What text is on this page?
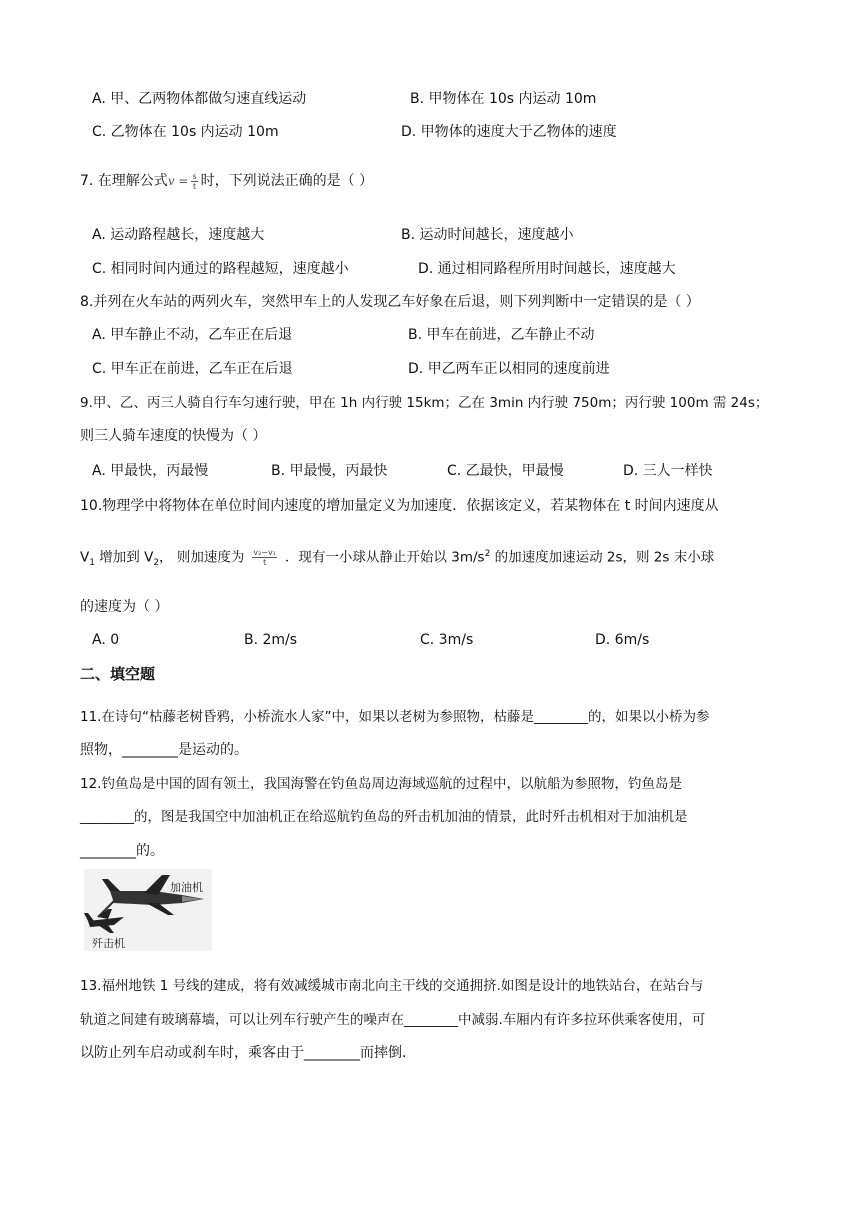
A. 甲、乙两物体都做匀速直线运动	B. 甲物体在 10s 内运动 10m
C. 乙物体在 10s 内运动 10m	D. 甲物体的速度大于乙物体的速度
7. 在理解公式$v = \frac{s}{t}$ 时，下列说法正确的是（ ）
A. 运动路程越长，速度越大	B. 运动时间越长，速度越小
C. 相同时间内通过的路程越短，速度越小	D. 通过相同路程所用时间越长，速度越大
8.并列在火车站的两列火车，突然甲车上的人发现乙车好象在后退，则下列判断中一定错误的是（ ）
A. 甲车静止不动，乙车正在后退	B. 甲车在前进，乙车静止不动
C. 甲车正在前进，乙车正在后退	D. 甲乙两车正以相同的速度前进
9.甲、乙、丙三人骑自行车匀速行驶，甲在 1h 内行驶 15km；乙在 3min 内行驶 750m；丙行驶 100m 需 24s；
则三人骑车速度的快慢为（ ）
A. 甲最快，丙最慢	B. 甲最慢，丙最快	C. 乙最快，甲最慢	D. 三人一样快
10.物理学中将物体在单位时间内速度的增加量定义为加速度．依据该定义，若某物体在 t 时间内速度从
$V_1$ 增加到 $V_2$， 则加速度为 $\frac{\text{v₂−v₁}}{t}$ ．现有一小球从静止开始以 $3m/s^2$ 的加速度加速运动 2s，则 2s 末小球
的速度为（ ）
A. 0	B. 2m/s	C. 3m/s	D. 6m/s
二、填空题
11.在诗句“枯藤老树昏鸦，小桥流水人家”中，如果以老树为参照物，枯藤是________的，如果以小桥为参
照物，________是运动的。
12.钓鱼岛是中国的固有领土，我国海警在钓鱼岛周边海域巡航的过程中，以航船为参照物，钓鱼岛是
________的，图是我国空中加油机正在给巡航钓鱼岛的歼击机加油的情景，此时歼击机相对于加油机是
________的。
加油机
歼击机
13.福州地铁 1 号线的建成，将有效减缓城市南北向主干线的交通拥挤.如图是设计的地铁站台，在站台与
轨道之间建有玻璃幕墙，可以让列车行驶产生的噪声在________中减弱.车厢内有许多拉环供乘客使用，可
以防止列车启动或刹车时，乘客由于________而摔倒.
